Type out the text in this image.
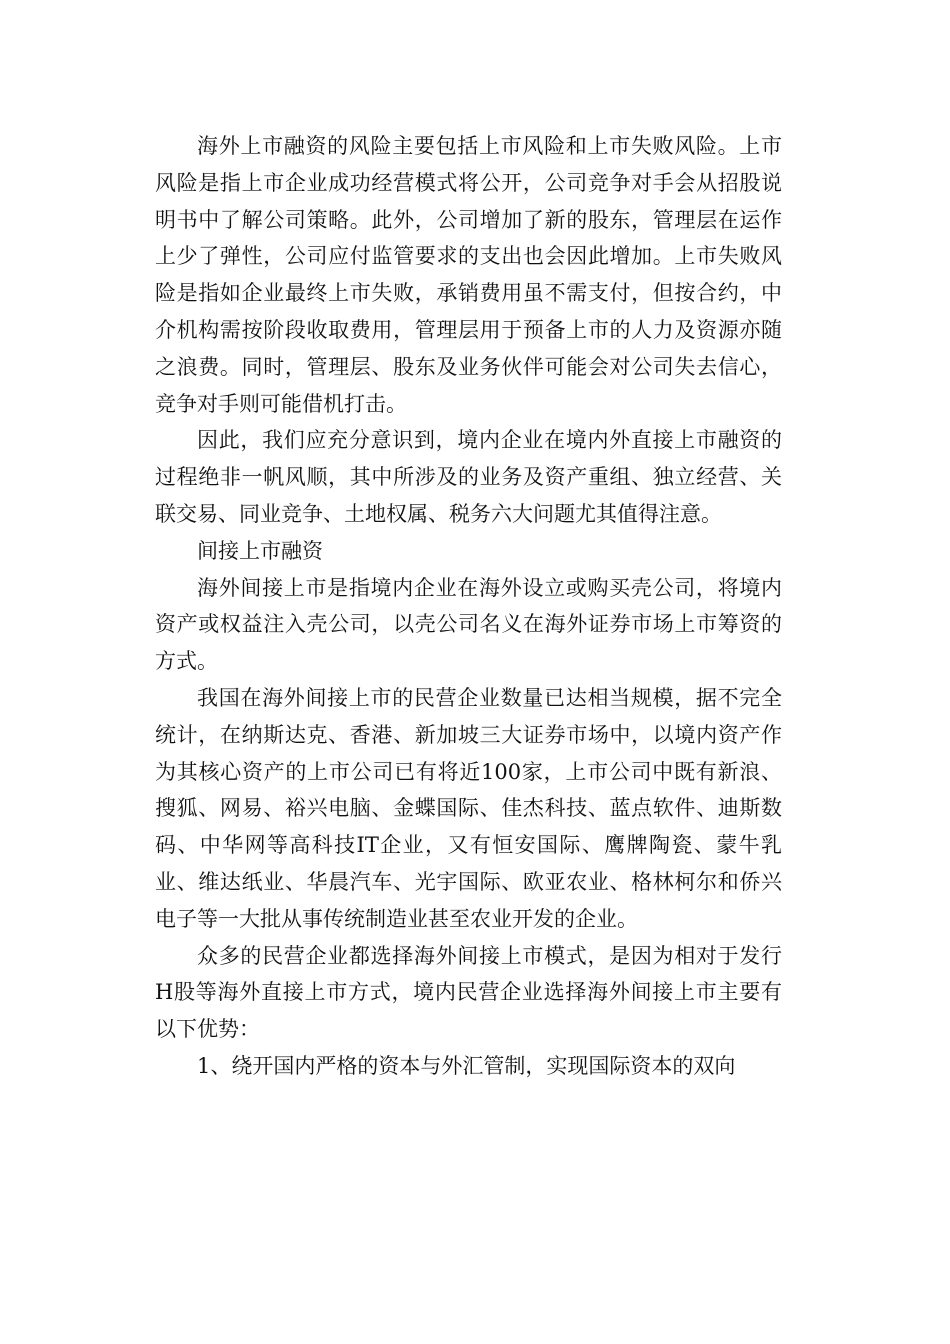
海外上市融资的风险主要包括上市风险和上市失败风险。上市风险是指上市企业成功经营模式将公开，公司竞争对手会从招股说明书中了解公司策略。此外，公司增加了新的股东，管理层在运作上少了弹性，公司应付监管要求的支出也会因此增加。上市失败风险是指如企业最终上市失败，承销费用虽不需支付，但按合约，中介机构需按阶段收取费用，管理层用于预备上市的人力及资源亦随之浪费。同时，管理层、股东及业务伙伴可能会对公司失去信心，竞争对手则可能借机打击。

因此，我们应充分意识到，境内企业在境内外直接上市融资的过程绝非一帆风顺，其中所涉及的业务及资产重组、独立经营、关联交易、同业竞争、土地权属、税务六大问题尤其值得注意。

间接上市融资

海外间接上市是指境内企业在海外设立或购买壳公司，将境内资产或权益注入壳公司，以壳公司名义在海外证券市场上市筹资的方式。

我国在海外间接上市的民营企业数量已达相当规模，据不完全统计，在纳斯达克、香港、新加坡三大证券市场中，以境内资产作为其核心资产的上市公司已有将近100家，上市公司中既有新浪、搜狐、网易、裕兴电脑、金蝶国际、佳杰科技、蓝点软件、迪斯数码、中华网等高科技IT企业，又有恒安国际、鹰牌陶瓷、蒙牛乳业、维达纸业、华晨汽车、光宇国际、欧亚农业、格林柯尔和侨兴电子等一大批从事传统制造业甚至农业开发的企业。

众多的民营企业都选择海外间接上市模式，是因为相对于发行H股等海外直接上市方式，境内民营企业选择海外间接上市主要有以下优势：

1、绕开国内严格的资本与外汇管制，实现国际资本的双向
